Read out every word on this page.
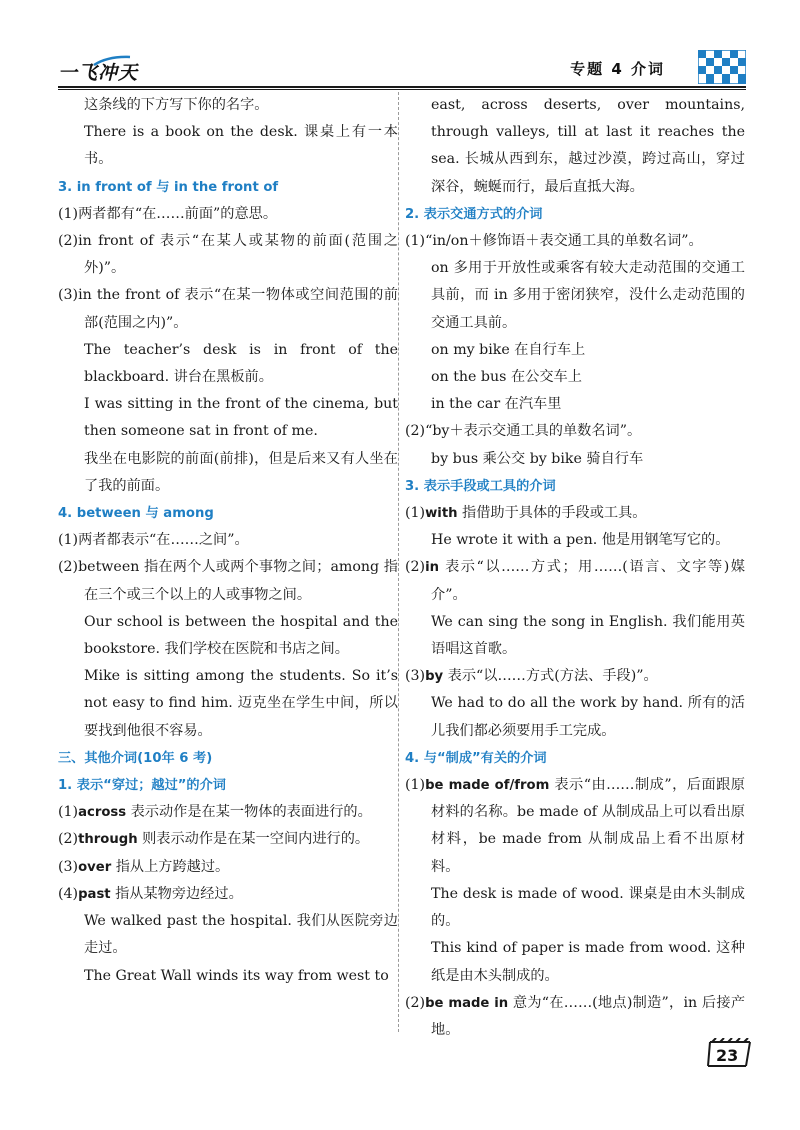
一飞冲天	专题 4 介词

这条线的下方写下你的名字。

There is a book on the desk. 课桌上有一本书。

3. in front of 与 in the front of

(1)两者都有“在……前面”的意思。

(2)in front of 表示“在某人或某物的前面(范围之外)”。

(3)in the front of 表示“在某一物体或空间范围的前部(范围之内)”。

The teacher’s desk is in front of the blackboard. 讲台在黑板前。

I was sitting in the front of the cinema, but then someone sat in front of me.

我坐在电影院的前面(前排)，但是后来又有人坐在了我的前面。

4. between 与 among

(1)两者都表示“在……之间”。

(2)between 指在两个人或两个事物之间；among 指在三个或三个以上的人或事物之间。

Our school is between the hospital and the bookstore. 我们学校在医院和书店之间。

Mike is sitting among the students. So it’s not easy to find him. 迈克坐在学生中间，所以要找到他很不容易。

三、其他介词(10年 6 考)

1. 表示“穿过；越过”的介词

(1)across 表示动作是在某一物体的表面进行的。

(2)through 则表示动作是在某一空间内进行的。

(3)over 指从上方跨越过。

(4)past 指从某物旁边经过。

We walked past the hospital. 我们从医院旁边走过。

The Great Wall winds its way from west to

east, across deserts, over mountains, through valleys, till at last it reaches the sea. 长城从西到东，越过沙漠，跨过高山，穿过深谷，蜿蜒而行，最后直抵大海。

2. 表示交通方式的介词

(1)“in/on＋修饰语＋表交通工具的单数名词”。

on 多用于开放性或乘客有较大走动范围的交通工具前，而 in 多用于密闭狭窄，没什么走动范围的交通工具前。

on my bike 在自行车上

on the bus 在公交车上

in the car 在汽车里

(2)“by＋表示交通工具的单数名词”。

by bus 乘公交 by bike 骑自行车

3. 表示手段或工具的介词

(1)with 指借助于具体的手段或工具。

He wrote it with a pen. 他是用钢笔写它的。

(2)in 表示“以……方式；用……(语言、文字等)媒介”。

We can sing the song in English. 我们能用英语唱这首歌。

(3)by 表示“以……方式(方法、手段)”。

We had to do all the work by hand. 所有的活儿我们都必须要用手工完成。

4. 与“制成”有关的介词

(1)be made of/from 表示“由……制成”，后面跟原材料的名称。be made of 从制成品上可以看出原材料，be made from 从制成品上看不出原材料。

The desk is made of wood. 课桌是由木头制成的。

This kind of paper is made from wood. 这种纸是由木头制成的。

(2)be made in 意为“在……(地点)制造”，in 后接产地。

23
